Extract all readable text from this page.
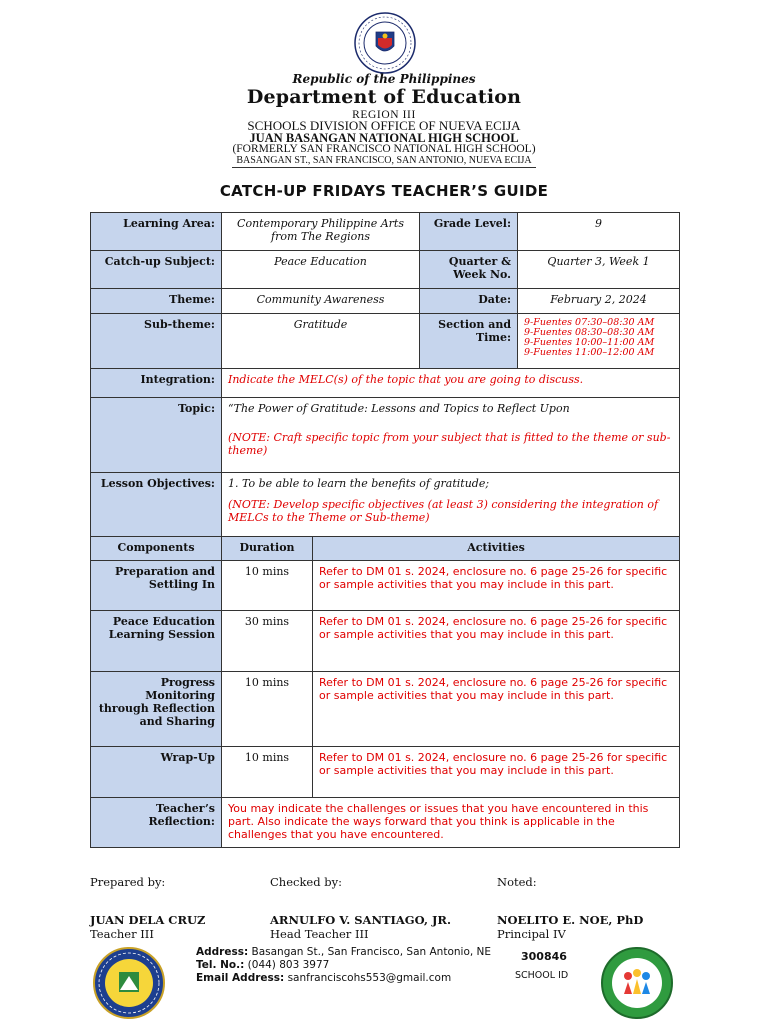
Republic of the Philippines
Department of Education
REGION III
SCHOOLS DIVISION OFFICE OF NUEVA ECIJA
JUAN BASANGAN NATIONAL HIGH SCHOOL
(FORMERLY SAN FRANCISCO NATIONAL HIGH SCHOOL)
BASANGAN ST., SAN FRANCISCO, SAN ANTONIO, NUEVA ECIJA
CATCH-UP FRIDAYS TEACHER’S GUIDE
Learning Area:	Contemporary Philippine Arts from The Regions		Grade Level:	9
Catch-up Subject:	Peace Education		Quarter & Week No.	Quarter 3, Week 1
Theme:	Community Awareness		Date:	February 2, 2024
Sub-theme:	Gratitude		Section and Time:	9-Fuentes 07:30–08:30 AM
9-Fuentes 08:30–08:30 AM
9-Fuentes 10:00–11:00 AM
9-Fuentes 11:00–12:00 AM

Integration:	Indicate the MELC(s) of the topic that you are going to discuss.			
Topic:	“The Power of Gratitude: Lessons and Topics to Reflect Upon
(NOTE: Craft specific topic from your subject that is fitted to the theme or sub-theme)			

Lesson Objectives:	1. To be able to learn the benefits of gratitude;
(NOTE: Develop specific objectives (at least 3) considering the integration of MELCs to the Theme or Sub-theme)			

Components	Duration	Activities		
Preparation and Settling In	10 mins	Refer to DM 01 s. 2024, enclosure no. 6 page 25-26 for specific or sample activities that you may include in this part.		
Peace Education Learning Session	30 mins	Refer to DM 01 s. 2024, enclosure no. 6 page 25-26 for specific or sample activities that you may include in this part.		
Progress Monitoring through Reflection and Sharing	10 mins	Refer to DM 01 s. 2024, enclosure no. 6 page 25-26 for specific or sample activities that you may include in this part.		
Wrap-Up	10 mins	Refer to DM 01 s. 2024, enclosure no. 6 page 25-26 for specific or sample activities that you may include in this part.		
Teacher’s Reflection:	You may indicate the challenges or issues that you have encountered in this part. Also indicate the ways forward that you think is applicable in the challenges that you have encountered.			
Prepared by:	Checked by:	Noted:
JUAN DELA CRUZ
Teacher III
ARNULFO V. SANTIAGO, JR.
Head Teacher III
NOELITO E. NOE, PhD
Principal IV
Address: Basangan St., San Francisco, San Antonio, NE
Tel. No.: (044) 803 3977
Email Address: sanfranciscohs553@gmail.com
300846
SCHOOL ID
